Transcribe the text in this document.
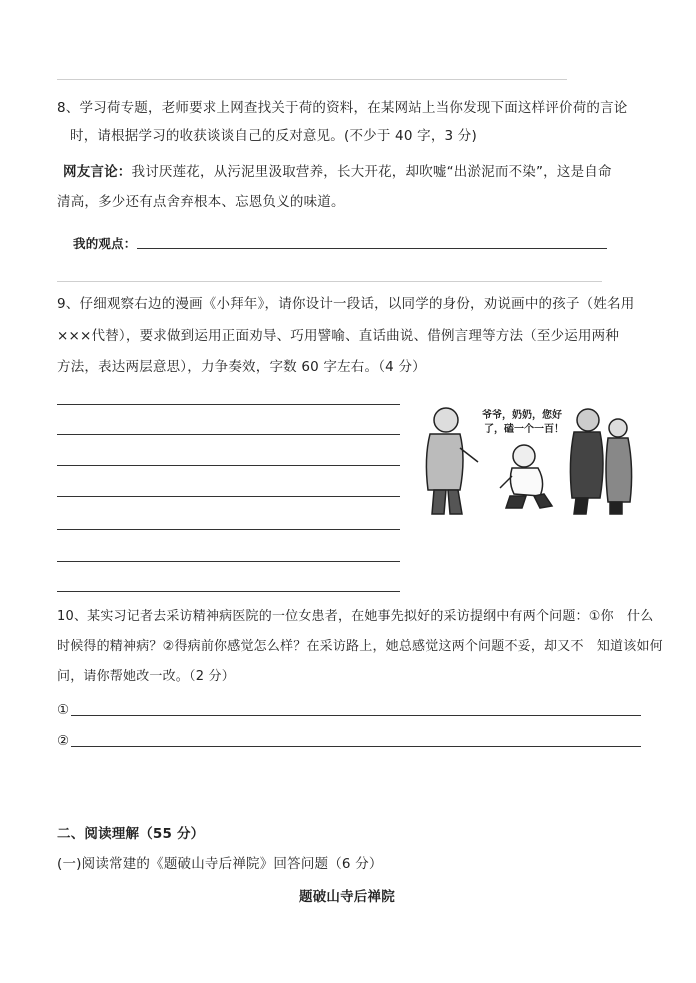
8、学习荷专题，老师要求上网查找关于荷的资料，在某网站上当你发现下面这样评价荷的言论
时，请根据学习的收获谈谈自己的反对意见。(不少于 40 字，3 分)
网友言论：我讨厌莲花，从污泥里汲取营养，长大开花，却吹嘘“出淤泥而不染”，这是自命
清高，多少还有点舍弃根本、忘恩负义的味道。
我的观点：
9、仔细观察右边的漫画《小拜年》，请你设计一段话，以同学的身份，劝说画中的孩子（姓名用
×××代替），要求做到运用正面劝导、巧用譬喻、直话曲说、借例言理等方法（至少运用两种
方法，表达两层意思），力争奏效，字数 60 字左右。（4 分）
爷爷，奶奶，您好
了，磕一个一百！
10、某实习记者去采访精神病医院的一位女患者，在她事先拟好的采访提纲中有两个问题：①你　什么
时候得的精神病？②得病前你感觉怎么样？在采访路上，她总感觉这两个问题不妥，却又不　知道该如何
问，请你帮她改一改。（2 分）
①
②
二、阅读理解（55 分）
(一)阅读常建的《题破山寺后禅院》回答问题（6 分）
题破山寺后禅院
